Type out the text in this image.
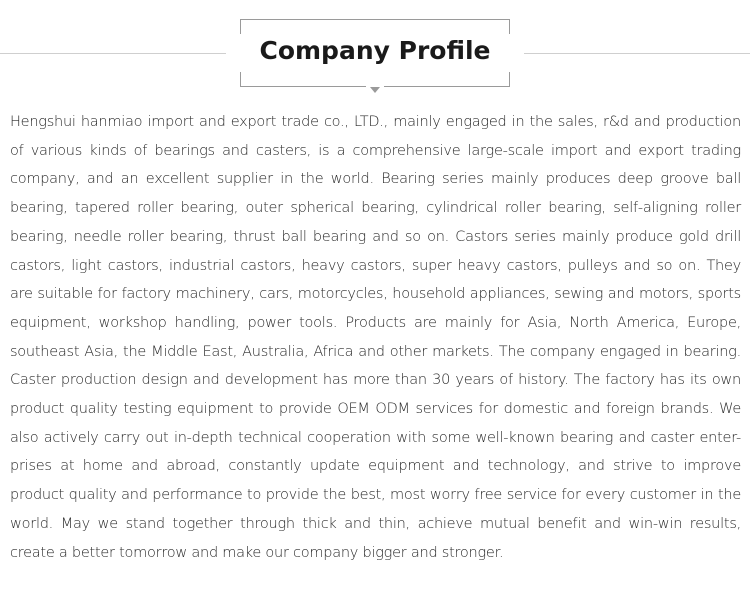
Company Profile

Hengshui hanmiao import and export trade co., LTD., mainly engaged in the sales, r&d and production of various kinds of bearings and casters, is a comprehensive large-scale import and export trading company, and an excellent supplier in the world. Bearing series mainly produces deep groove ball bearing, tapered roller bearing, outer spherical bearing, cylindrical roller bearing, self-aligning roller bearing, needle roller bearing, thrust ball bearing and so on. Castors series mainly produce gold drill castors, light castors, industrial castors, heavy castors, super heavy castors, pulleys and so on. They are suitable for factory machinery, cars, motorcycles, household appliances, sewing and motors, sports equipment, workshop handling, power tools. Products are mainly for Asia, North America, Europe, southeast Asia, the Middle East, Australia, Africa and other markets. The company engaged in bearing. Caster production design and development has more than 30 years of history. The factory has its own product quality testing equipment to provide OEM ODM services for domestic and foreign brands. We also actively carry out in-depth technical cooperation with some well-known bearing and caster enter-prises at home and abroad, constantly update equipment and technology, and strive to improve product quality and performance to provide the best, most worry free service for every customer in the world. May we stand together through thick and thin, achieve mutual benefit and win-win results, create a better tomorrow and make our company bigger and stronger.
